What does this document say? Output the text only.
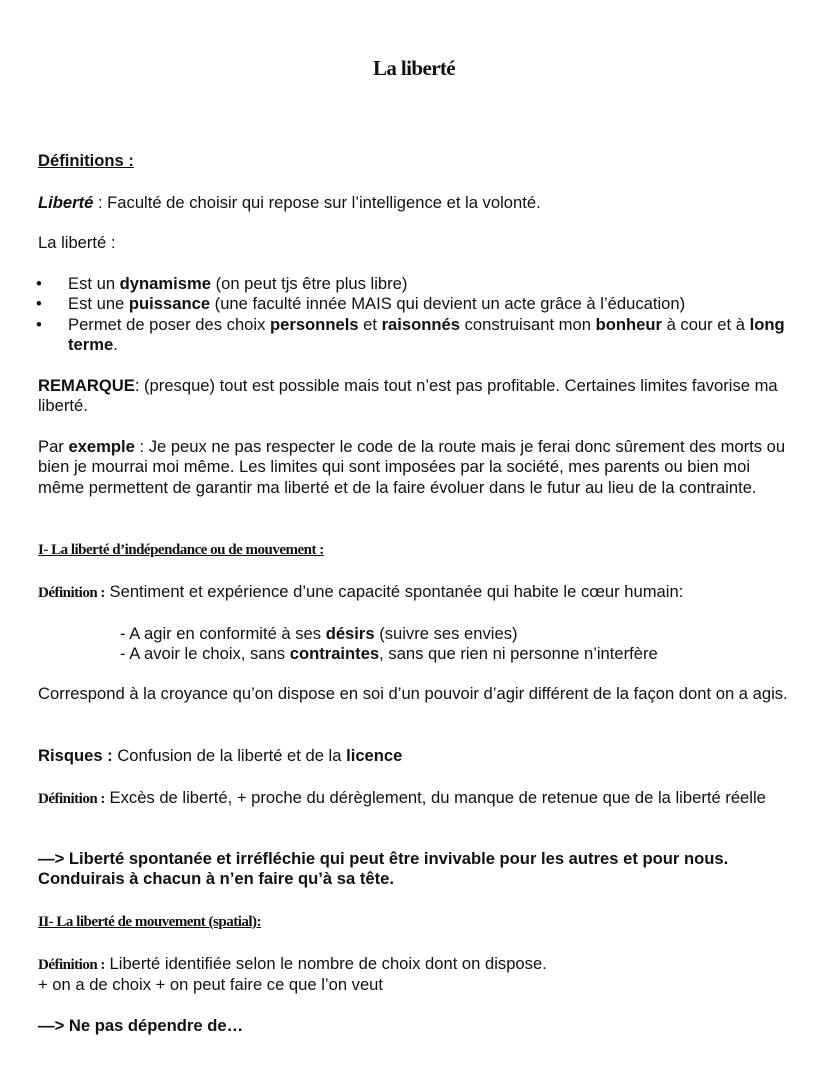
La liberté
Définitions :
Liberté : Faculté de choisir qui repose sur l’intelligence et la volonté.
La liberté :
• Est un dynamisme (on peut tjs être plus libre)
• Est une puissance (une faculté innée MAIS qui devient un acte grâce à l’éducation)
• Permet de poser des choix personnels et raisonnés construisant mon bonheur à cour et à long terme.
REMARQUE: (presque) tout est possible mais tout n’est pas profitable. Certaines limites favorise ma liberté.
Par exemple : Je peux ne pas respecter le code de la route mais je ferai donc sûrement des morts ou bien je mourrai moi même. Les limites qui sont imposées par la société, mes parents ou bien moi même permettent de garantir ma liberté et de la faire évoluer dans le futur au lieu de la contrainte.
I- La liberté d’indépendance ou de mouvement :
Définition : Sentiment et expérience d’une capacité spontanée qui habite le cœur humain:
- A agir en conformité à ses désirs (suivre ses envies)
- A avoir le choix, sans contraintes, sans que rien ni personne n’interfère
Correspond à la croyance qu’on dispose en soi d’un pouvoir d’agir différent de la façon dont on a agis.
Risques : Confusion de la liberté et de la licence
Définition : Excès de liberté, + proche du dérèglement, du manque de retenue que de la liberté réelle
—> Liberté spontanée et irréfléchie qui peut être invivable pour les autres et pour nous. Conduirais à chacun à n’en faire qu’à sa tête.
II- La liberté de mouvement (spatial):
Définition : Liberté identifiée selon le nombre de choix dont on dispose.
+ on a de choix + on peut faire ce que l’on veut
—> Ne pas dépendre de…
